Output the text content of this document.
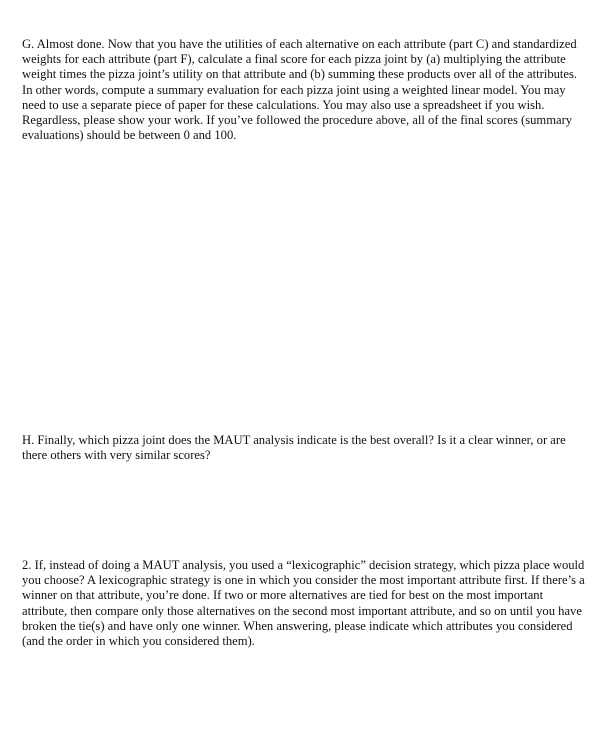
G. Almost done. Now that you have the utilities of each alternative on each attribute (part C) and standardized weights for each attribute (part F), calculate a final score for each pizza joint by (a) multiplying the attribute weight times the pizza joint’s utility on that attribute and (b) summing these products over all of the attributes. In other words, compute a summary evaluation for each pizza joint using a weighted linear model. You may need to use a separate piece of paper for these calculations. You may also use a spreadsheet if you wish. Regardless, please show your work. If you’ve followed the procedure above, all of the final scores (summary evaluations) should be between 0 and 100.

H. Finally, which pizza joint does the MAUT analysis indicate is the best overall? Is it a clear winner, or are there others with very similar scores?

2. If, instead of doing a MAUT analysis, you used a “lexicographic” decision strategy, which pizza place would you choose? A lexicographic strategy is one in which you consider the most important attribute first. If there’s a winner on that attribute, you’re done. If two or more alternatives are tied for best on the most important attribute, then compare only those alternatives on the second most important attribute, and so on until you have broken the tie(s) and have only one winner. When answering, please indicate which attributes you considered (and the order in which you considered them).
